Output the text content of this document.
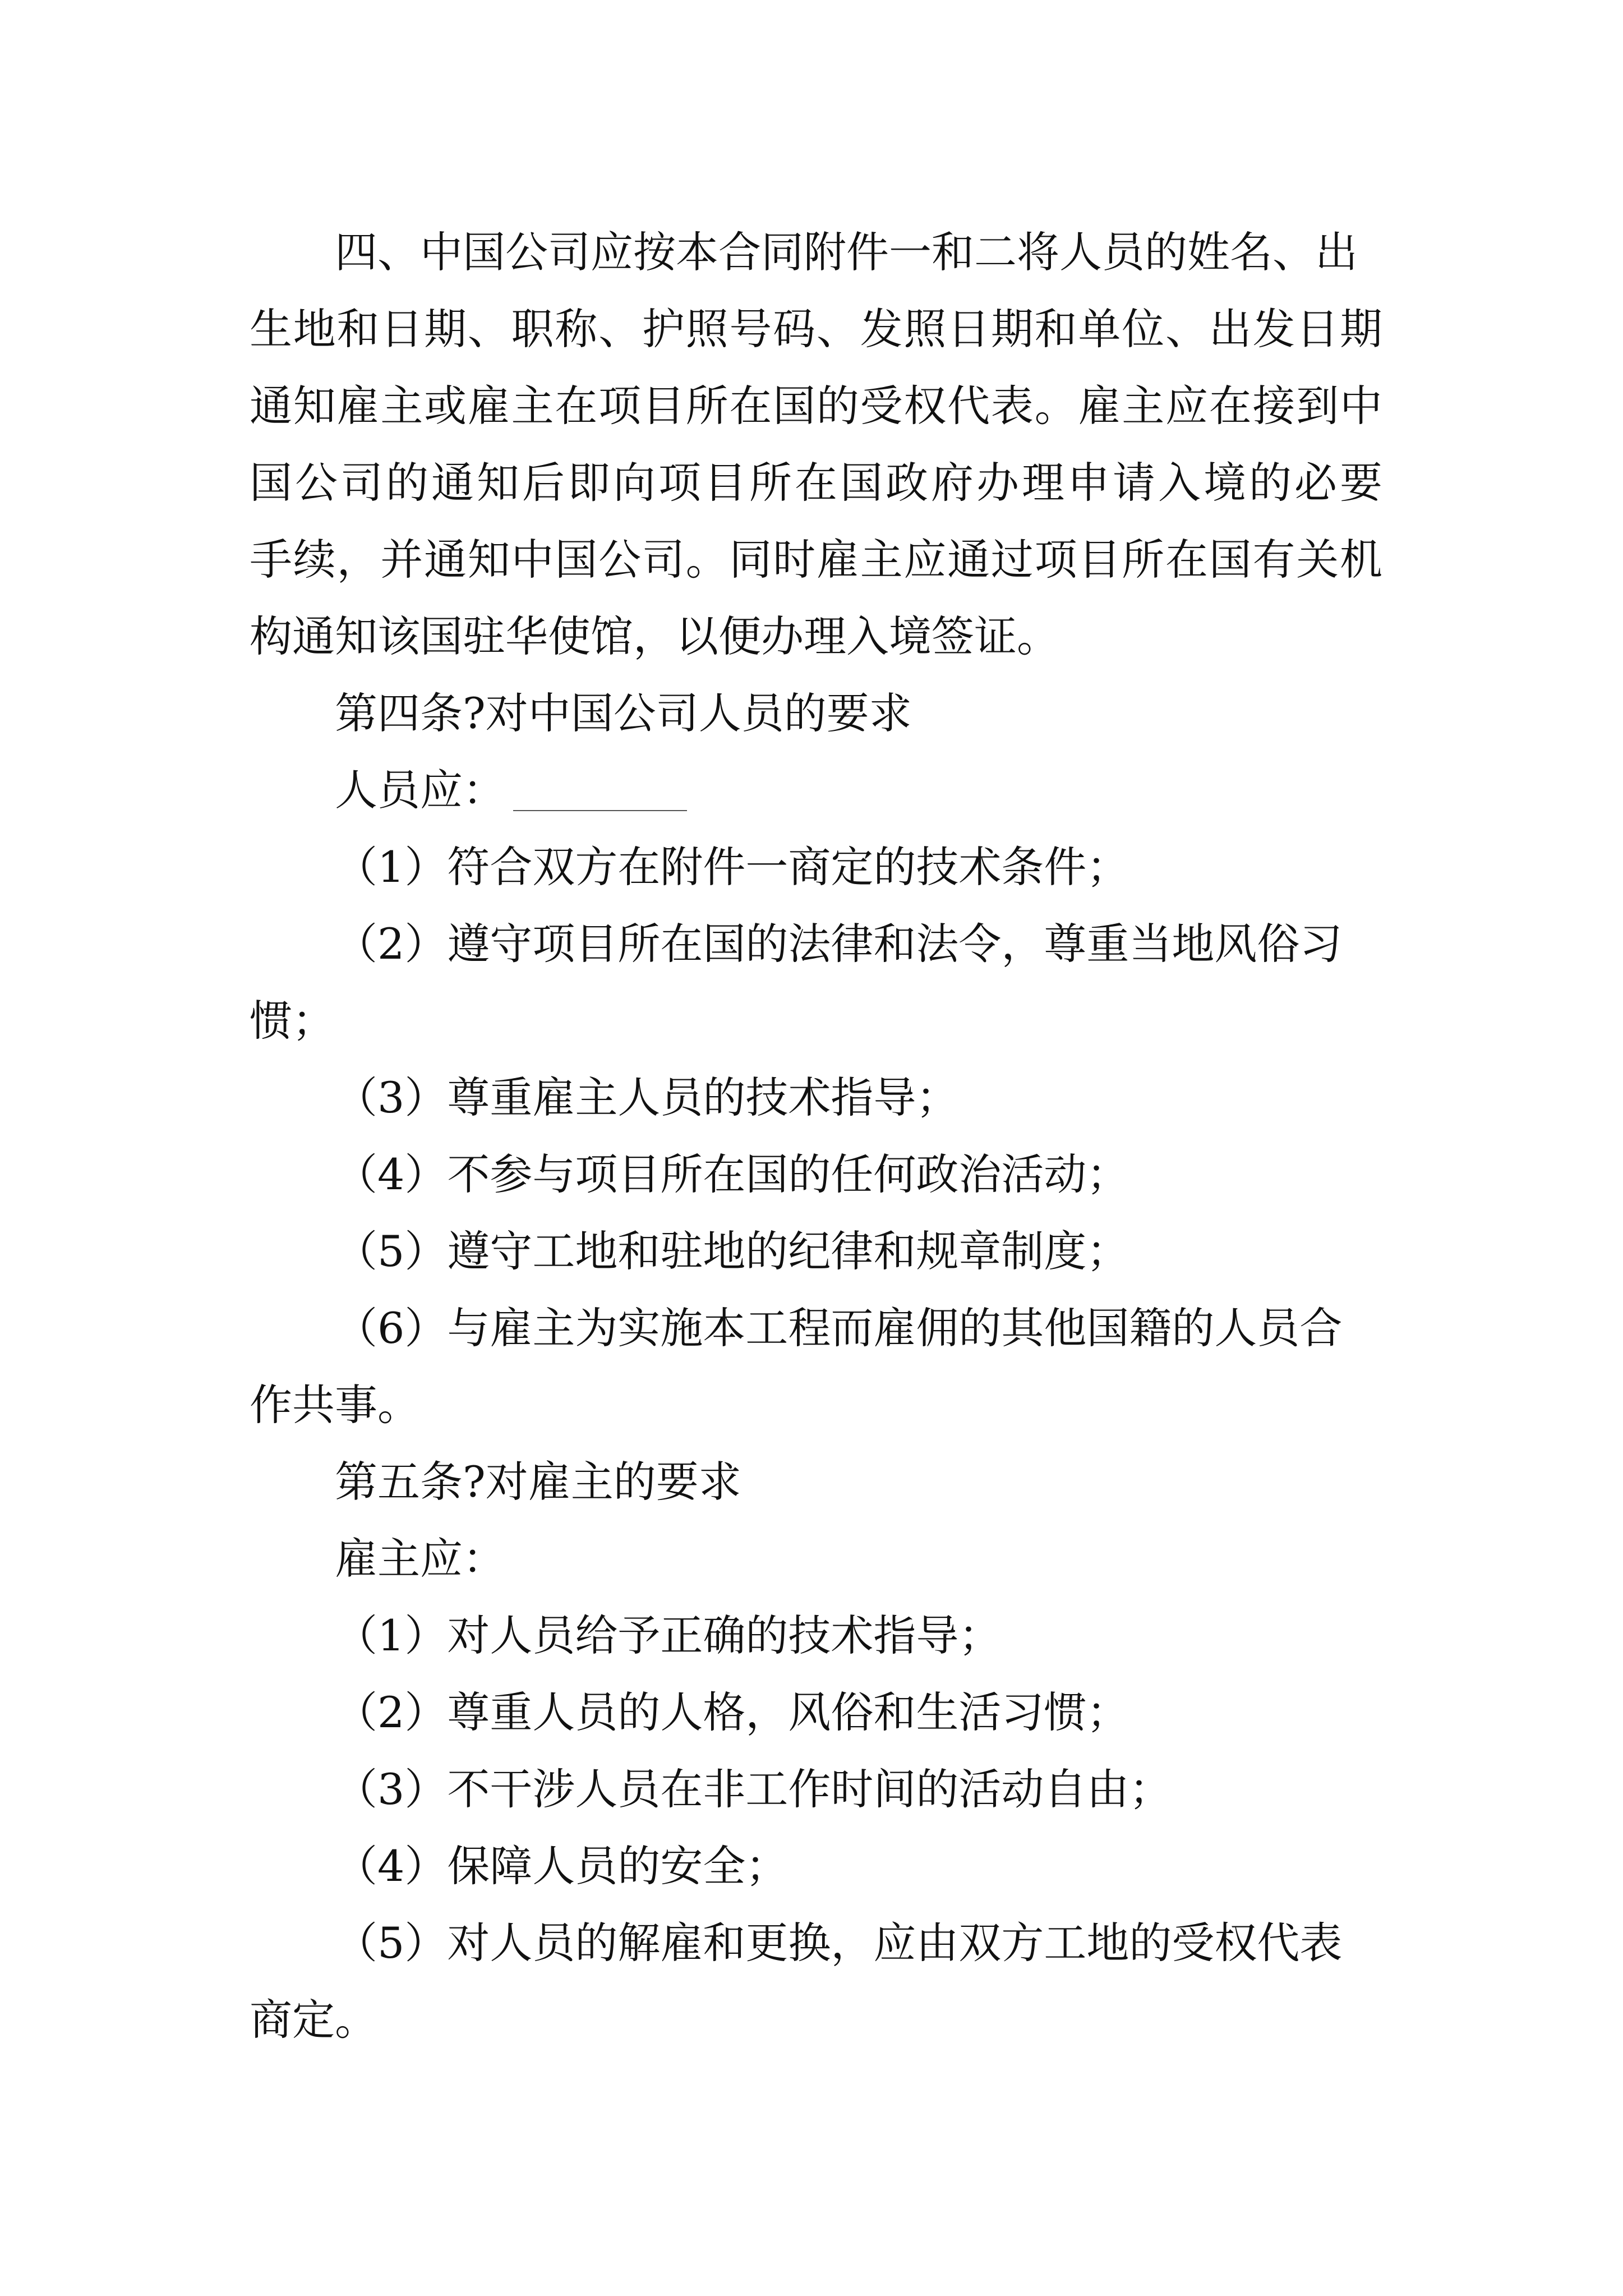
四、中国公司应按本合同附件一和二将人员的姓名、出
生地和日期、职称、护照号码、发照日期和单位、出发日期
通知雇主或雇主在项目所在国的受权代表。雇主应在接到中
国公司的通知后即向项目所在国政府办理申请入境的必要
手续，并通知中国公司。同时雇主应通过项目所在国有关机
构通知该国驻华使馆，以便办理入境签证。
第四条?对中国公司人员的要求
人员应：
（1）符合双方在附件一商定的技术条件；
（2）遵守项目所在国的法律和法令，尊重当地风俗习
惯；
（3）尊重雇主人员的技术指导；
（4）不参与项目所在国的任何政治活动；
（5）遵守工地和驻地的纪律和规章制度；
（6）与雇主为实施本工程而雇佣的其他国籍的人员合
作共事。
第五条?对雇主的要求
雇主应：
（1）对人员给予正确的技术指导；
（2）尊重人员的人格，风俗和生活习惯；
（3）不干涉人员在非工作时间的活动自由；
（4）保障人员的安全；
（5）对人员的解雇和更换，应由双方工地的受权代表
商定。
